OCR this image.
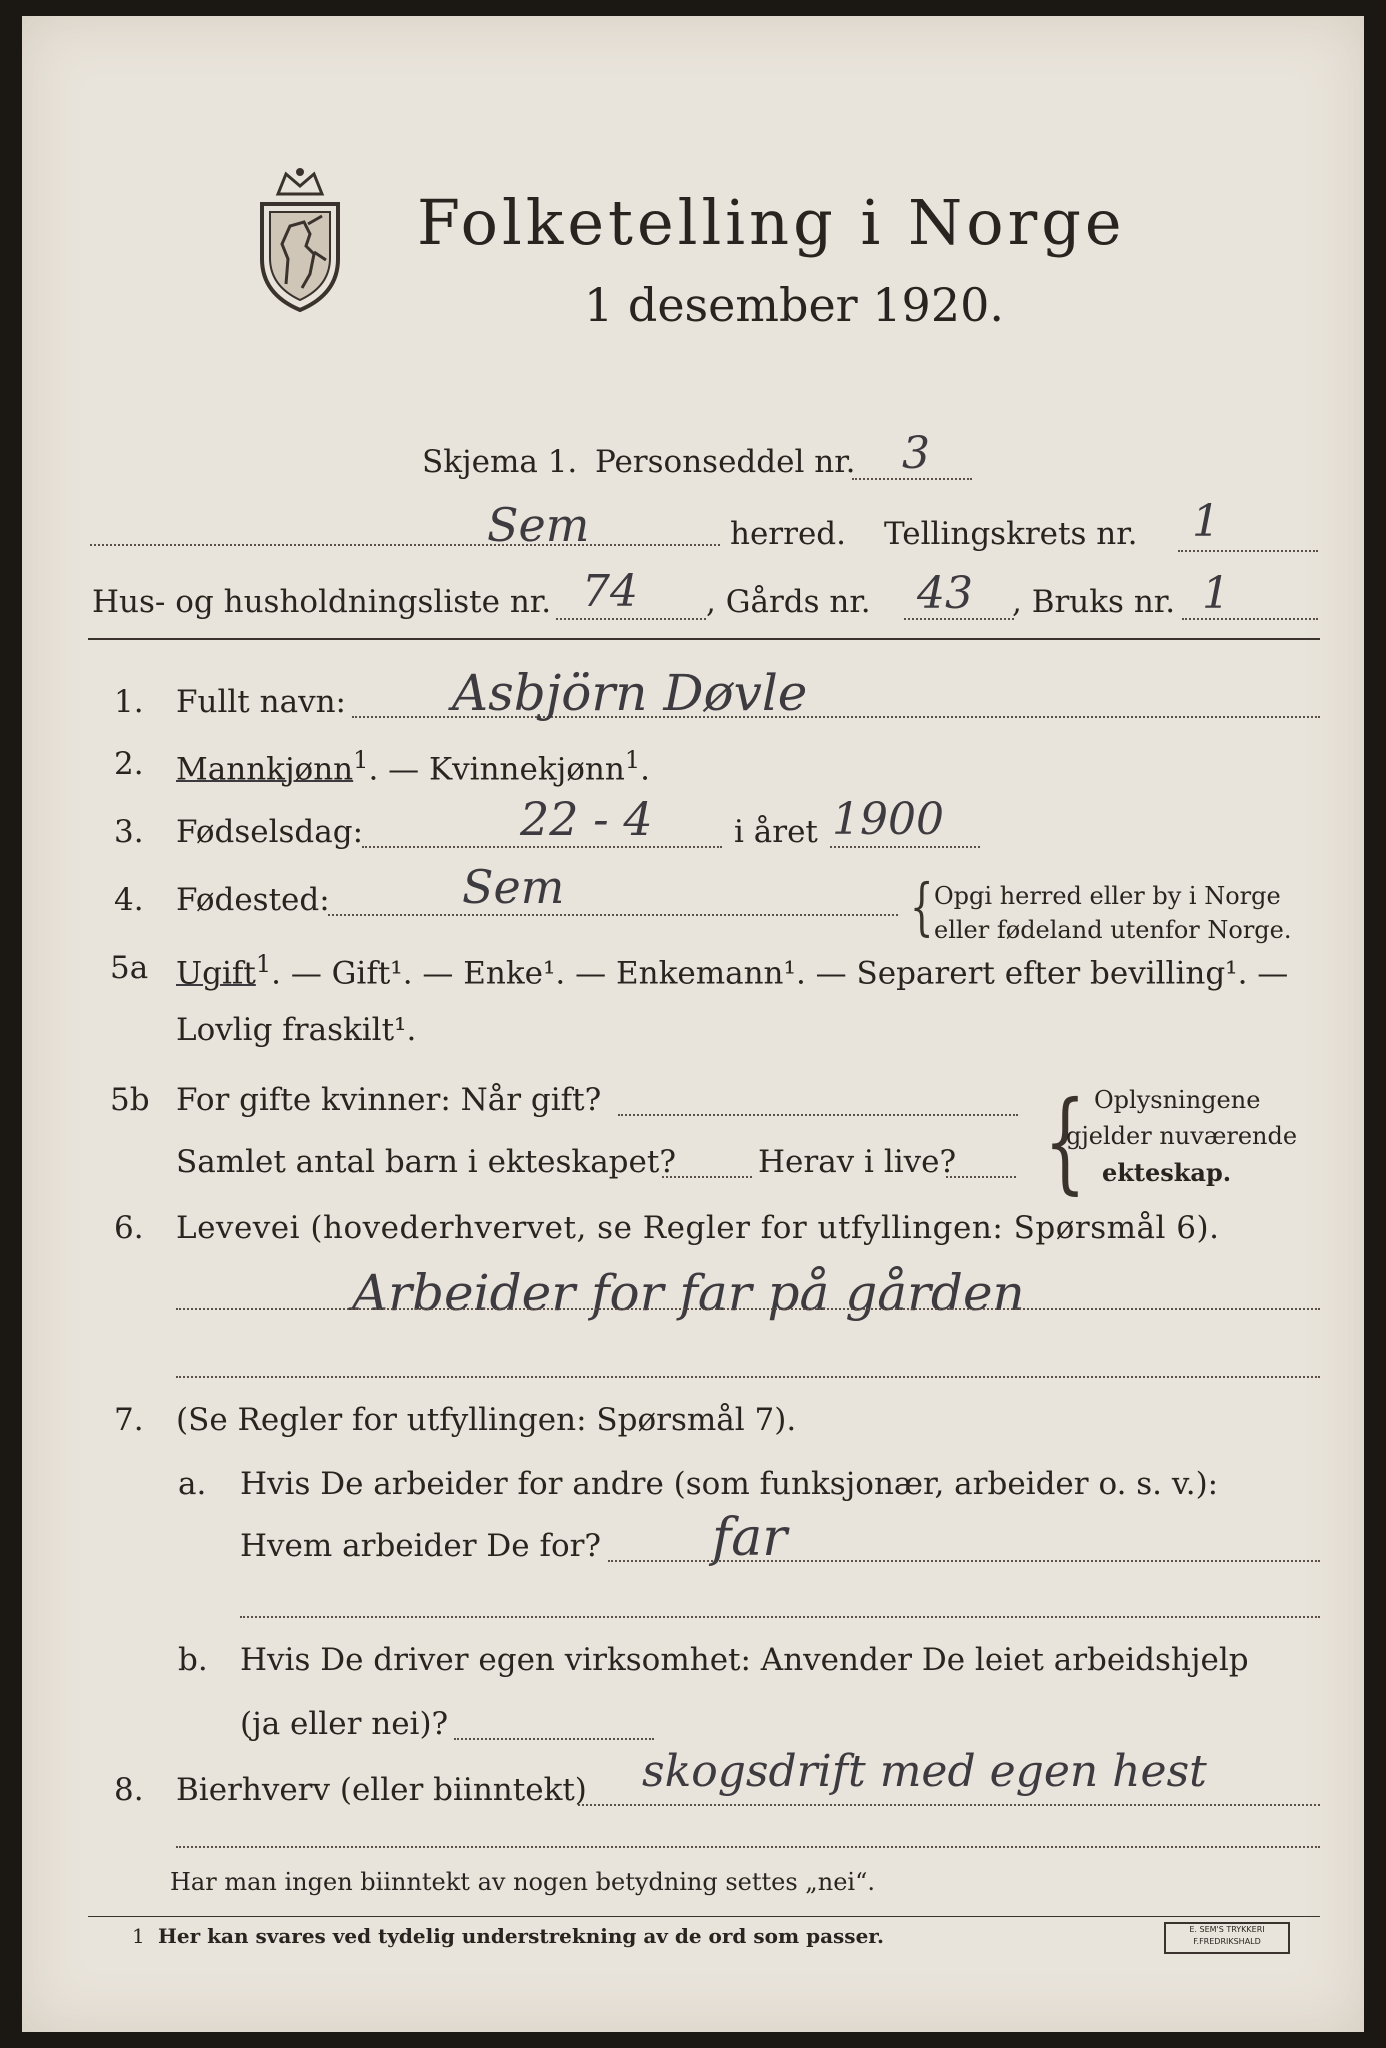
Folketelling i Norge
1 desember 1920.
Skjema 1. Personseddel nr. 3
Sem	herred. Tellingskrets nr. 1
Hus- og husholdningsliste nr. 74 , Gårds nr. 43 , Bruks nr. 1
1. Fullt navn: Asbjörn Døvle
2. Mannkjønn$^1$. — Kvinnekjønn$^1$.
3. Fødselsdag:	22 - 4	i året 1900
4. Fødested:	Sem	{ Opgi herred eller by i Norge
eller fødeland utenfor Norge.
5a Ugift$^1$. — Gift¹. — Enke¹. — Enkemann¹. — Separert efter bevilling¹. —
Lovlig fraskilt¹.
5b For gifte kvinner: Når gift?
Samlet antal barn i ekteskapet?	Herav i live? { Oplysningene
gjelder nuværende
ekteskap.
6. Levevei (hovederhvervet, se Regler for utfyllingen: Spørsmål 6).
Arbeider for far på gården
7. (Se Regler for utfyllingen: Spørsmål 7).
a. Hvis De arbeider for andre (som funksjonær, arbeider o. s. v.):
Hvem arbeider De for? far
b. Hvis De driver egen virksomhet: Anvender De leiet arbeidshjelp
(ja eller nei)?
8. Bierhverv (eller biinntekt) skogsdrift med egen hest
Har man ingen biinntekt av nogen betydning settes „nei“.
1 Her kan svares ved tydelig understrekning av de ord som passer.	E. SEM'S TRYKKERI
F.FREDRIKSHALD
